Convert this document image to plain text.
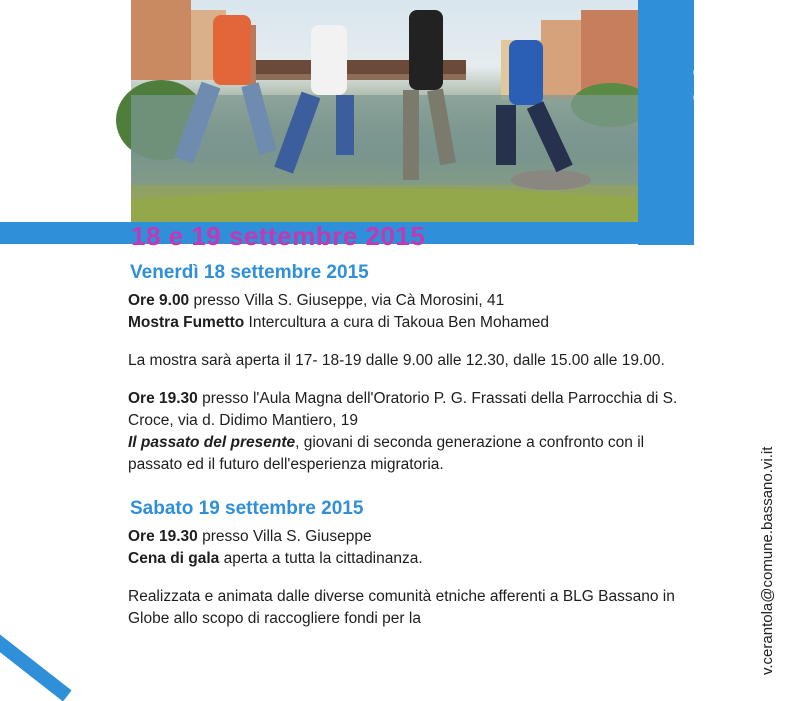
Bassano del Gr
18 e 19 settembre 2015
Venerdì 18 settembre 2015

Ore 9.00 presso Villa S. Giuseppe, via Cà Morosini, 41

Mostra Fumetto Intercultura a cura di Takoua Ben Mohamed

La mostra sarà aperta il 17- 18-19 dalle 9.00 alle 12.30, dalle 15.00 alle 19.00.

Ore 19.30 presso l'Aula Magna dell'Oratorio P. G. Frassati della Parrocchia di S. Croce, via d. Didimo Mantiero, 19

Il passato del presente, giovani di seconda generazione a confronto con il passato ed il futuro dell'esperienza migratoria.

Sabato 19 settembre 2015

Ore 19.30 presso Villa S. Giuseppe

Cena di gala aperta a tutta la cittadinanza.

Realizzata e animata dalle diverse comunità etniche afferenti a BLG Bassano in Globe allo scopo di raccogliere fondi per la	v.cerantola@comune.bassano.vi.it
